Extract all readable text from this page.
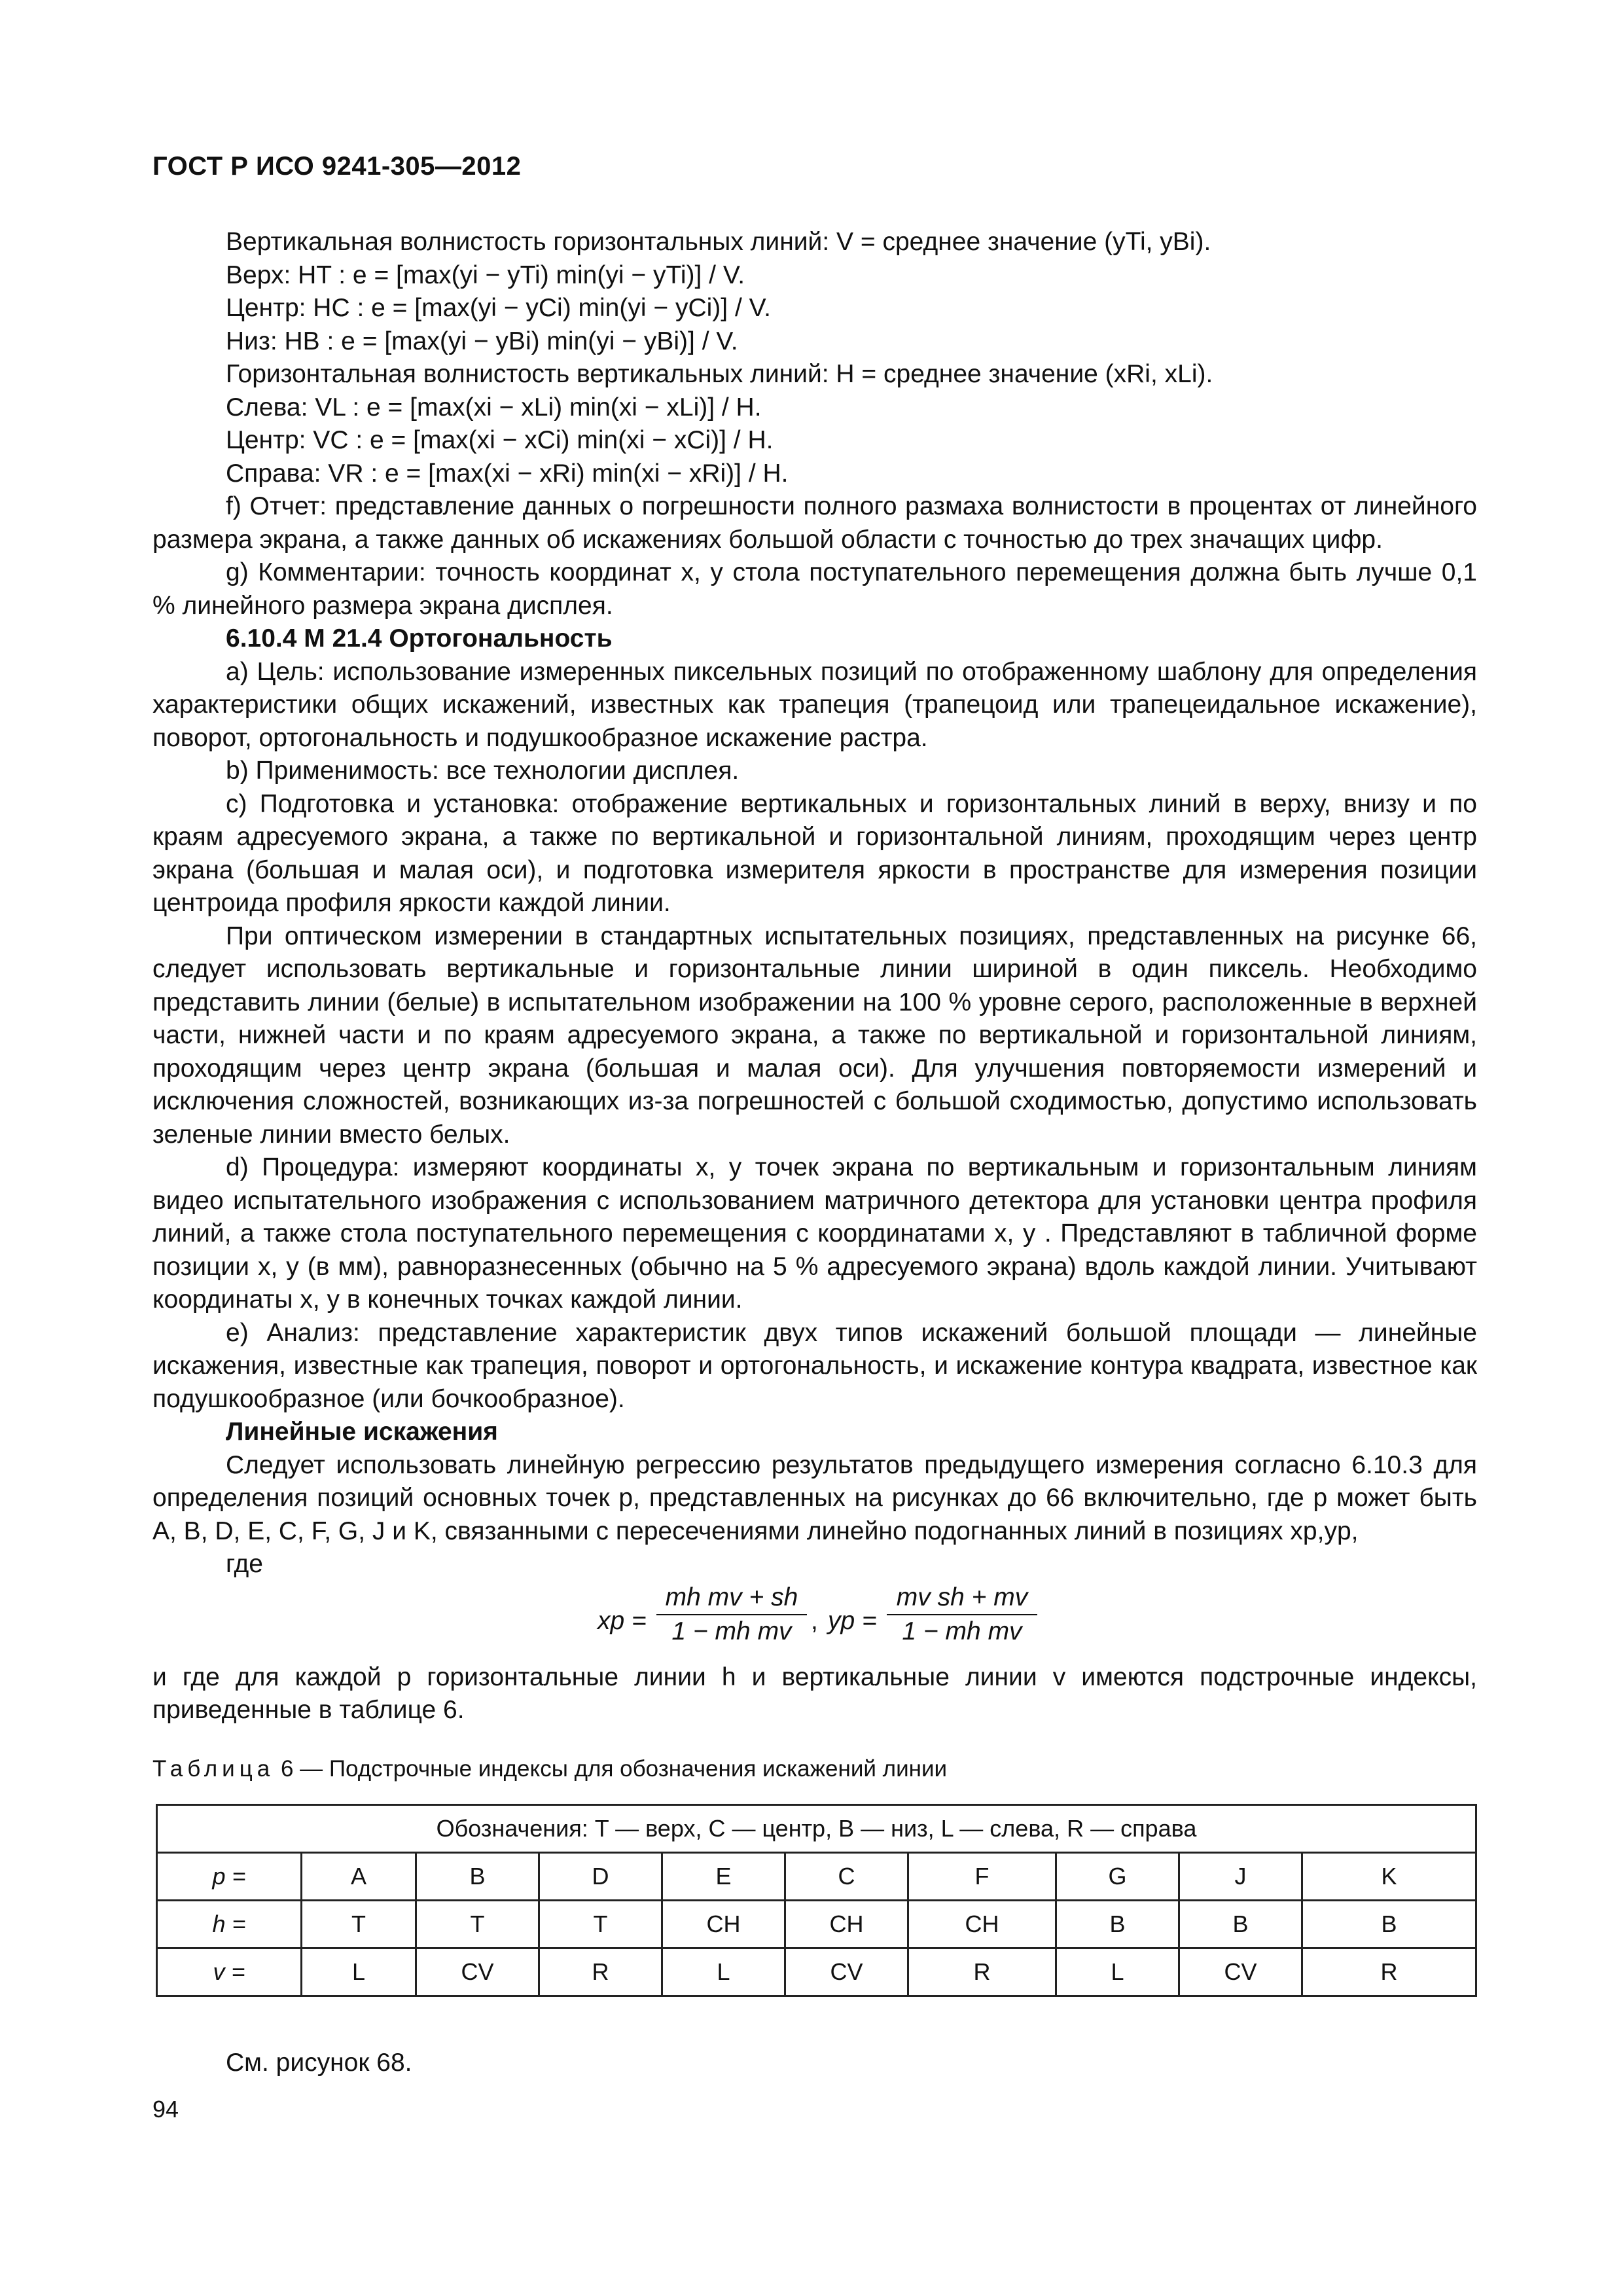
ГОСТ Р ИСО 9241-305—2012

Вертикальная волнистость горизонтальных линий: V = среднее значение (yTi, yBi).

Верх: HT : e = [max(yi − yTi) min(yi − yTi)] / V.

Центр: HC : e = [max(yi − yCi) min(yi − yCi)] / V.

Низ: HB : e = [max(yi − yBi) min(yi − yBi)] / V.

Горизонтальная волнистость вертикальных линий: H = среднее значение (xRi, xLi).

Слева: VL : e = [max(xi − xLi) min(xi − xLi)] / H.

Центр: VC : e = [max(xi − xCi) min(xi − xCi)] / H.

Справа: VR : e = [max(xi − xRi) min(xi − xRi)] / H.

f) Отчет: представление данных о погрешности полного размаха волнистости в процентах от линейного размера экрана, а также данных об искажениях большой области с точностью до трех значащих цифр.

g) Комментарии: точность координат x, y стола поступательного перемещения должна быть лучше 0,1 % линейного размера экрана дисплея.

6.10.4 М 21.4 Ортогональность

a) Цель: использование измеренных пиксельных позиций по отображенному шаблону для определения характеристики общих искажений, известных как трапеция (трапецоид или трапецеидальное искажение), поворот, ортогональность и подушкообразное искажение растра.

b) Применимость: все технологии дисплея.

c) Подготовка и установка: отображение вертикальных и горизонтальных линий в верху, внизу и по краям адресуемого экрана, а также по вертикальной и горизонтальной линиям, проходящим через центр экрана (большая и малая оси), и подготовка измерителя яркости в пространстве для измерения позиции центроида профиля яркости каждой линии.

При оптическом измерении в стандартных испытательных позициях, представленных на рисунке 66, следует использовать вертикальные и горизонтальные линии шириной в один пиксель. Необходимо представить линии (белые) в испытательном изображении на 100 % уровне серого, расположенные в верхней части, нижней части и по краям адресуемого экрана, а также по вертикальной и горизонтальной линиям, проходящим через центр экрана (большая и малая оси). Для улучшения повторяемости измерений и исключения сложностей, возникающих из-за погрешностей с большой сходимостью, допустимо использовать зеленые линии вместо белых.

d) Процедура: измеряют координаты x, y точек экрана по вертикальным и горизонтальным линиям видео испытательного изображения с использованием матричного детектора для установки центра профиля линий, а также стола поступательного перемещения с координатами x, y . Представляют в табличной форме позиции x, y (в мм), равноразнесенных (обычно на 5 % адресуемого экрана) вдоль каждой линии. Учитывают координаты x, y в конечных точках каждой линии.

e) Анализ: представление характеристик двух типов искажений большой площади — линейные искажения, известные как трапеция, поворот и ортогональность, и искажение контура квадрата, известное как подушкообразное (или бочкообразное).

Линейные искажения

Следует использовать линейную регрессию результатов предыдущего измерения согласно 6.10.3 для определения позиций основных точек p, представленных на рисунках до 66 включительно, где p может быть A, B, D, E, C, F, G, J и K, связанными с пересечениями линейно подогнанных линий в позициях xp,yp,

где

xp = $\frac{\text{mh mv + sh}}{\text{1 − mh mv}}$ , yp = $\frac{\text{mv sh + mv}}{\text{1 − mh mv}}$

и где для каждой p горизонтальные линии h и вертикальные линии v имеются подстрочные индексы, приведенные в таблице 6.

Таблица 6 — Подстрочные индексы для обозначения искажений линии
Обозначения: T — верх, C — центр, B — низ, L — слева, R — справа									
p =	A	B	D	E	C	F	G	J	K
h =	T	T	T	CH	CH	CH	B	B	B
v =	L	CV	R	L	CV	R	L	CV	R
См. рисунок 68.
94
